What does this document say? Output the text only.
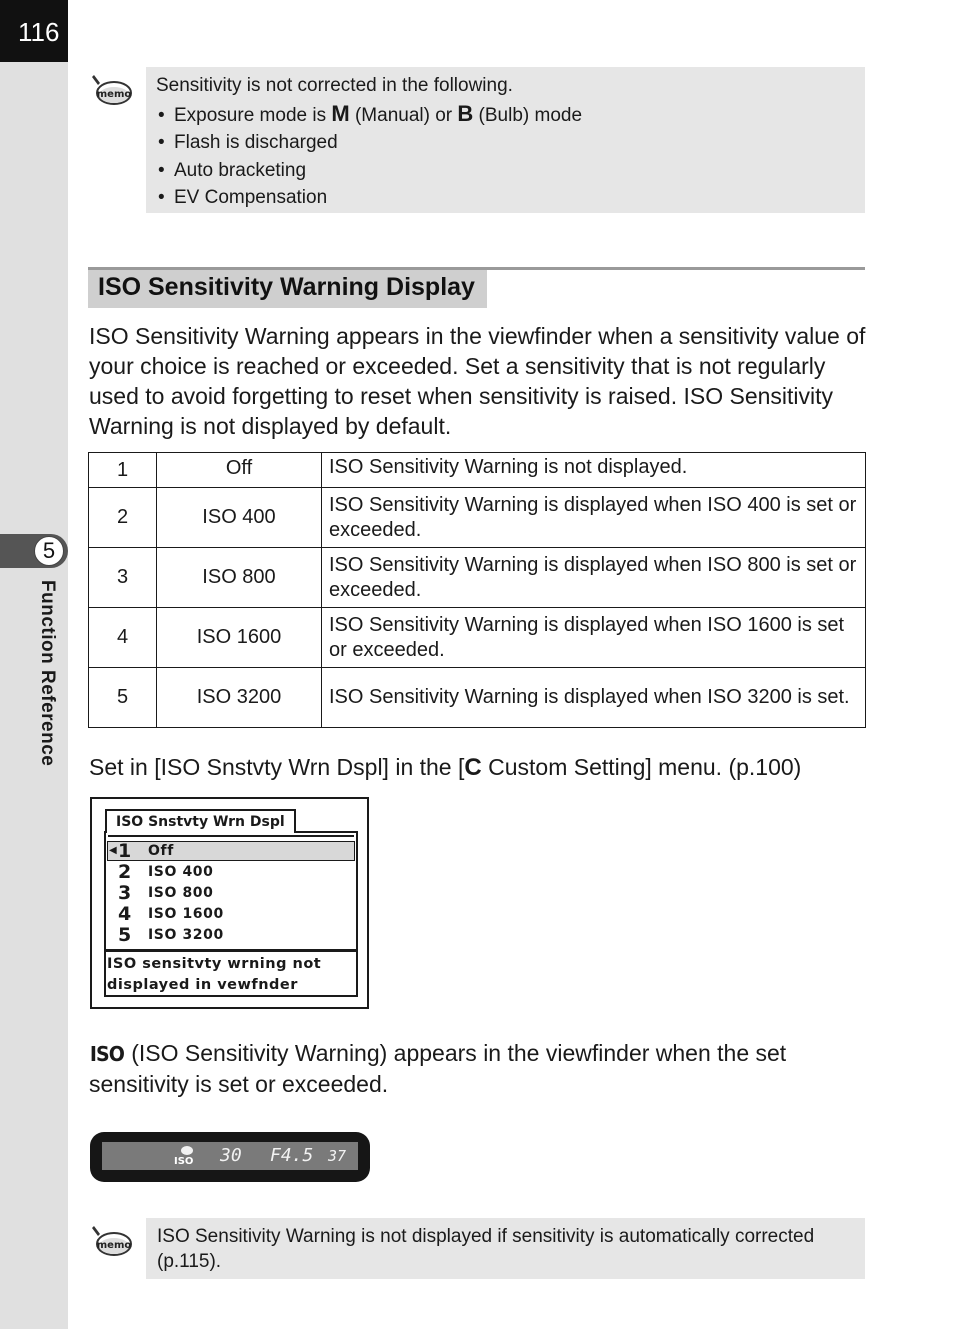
116
5
Function Reference
memo Sensitivity is not corrected in the following.
• Exposure mode is M (Manual) or B (Bulb) mode
• Flash is discharged
• Auto bracketing
• EV Compensation
ISO Sensitivity Warning Display
ISO Sensitivity Warning appears in the viewfinder when a sensitivity value of your choice is reached or exceeded. Set a sensitivity that is not regularly used to avoid forgetting to reset when sensitivity is raised. ISO Sensitivity Warning is not displayed by default.
1	Off	ISO Sensitivity Warning is not displayed.
2	ISO 400	ISO Sensitivity Warning is displayed when ISO 400 is set or exceeded.
3	ISO 800	ISO Sensitivity Warning is displayed when ISO 800 is set or exceeded.
4	ISO 1600	ISO Sensitivity Warning is displayed when ISO 1600 is set or exceeded.
5	ISO 3200	ISO Sensitivity Warning is displayed when ISO 3200 is set.
Set in [ISO Snstvty Wrn Dspl] in the [C Custom Setting] menu. (p.100)
ISO Snstvty Wrn Dspl
◀ 1 Off
2 ISO 400
3 ISO 800
4 ISO 1600
5 ISO 3200
ISO sensitvty wrning not
displayed in vewfnder
ISO (ISO Sensitivity Warning) appears in the viewfinder when the set sensitivity is set or exceeded.
ISO 30 F4.5 37
memo ISO Sensitivity Warning is not displayed if sensitivity is automatically corrected (p.115).
